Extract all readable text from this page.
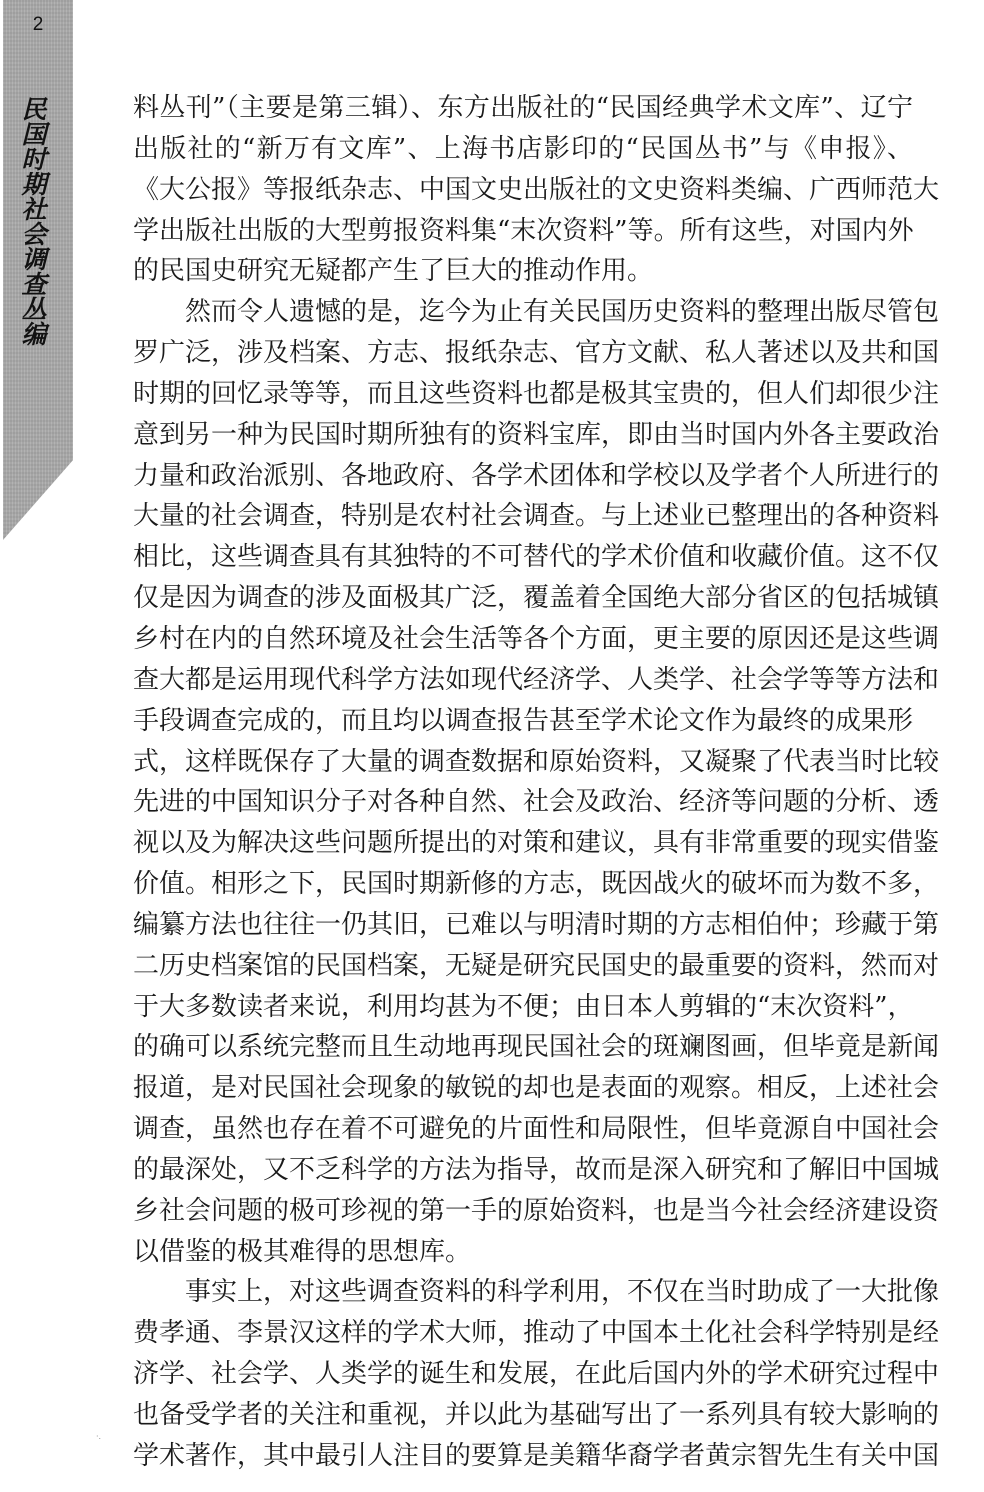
2
民国时期社会调查丛编	料丛刊”（主要是第三辑）、东方出版社的“民国经典学术文库”、辽宁
出版社的“新万有文库”、上海书店影印的“民国丛书”与《申报》、
《大公报》等报纸杂志、中国文史出版社的文史资料类编、广西师范大
学出版社出版的大型剪报资料集“末次资料”等。所有这些，对国内外
的民国史研究无疑都产生了巨大的推动作用。
然而令人遗憾的是，迄今为止有关民国历史资料的整理出版尽管包
罗广泛，涉及档案、方志、报纸杂志、官方文献、私人著述以及共和国
时期的回忆录等等，而且这些资料也都是极其宝贵的，但人们却很少注
意到另一种为民国时期所独有的资料宝库，即由当时国内外各主要政治
力量和政治派别、各地政府、各学术团体和学校以及学者个人所进行的
大量的社会调查，特别是农村社会调查。与上述业已整理出的各种资料
相比，这些调查具有其独特的不可替代的学术价值和收藏价值。这不仅
仅是因为调查的涉及面极其广泛，覆盖着全国绝大部分省区的包括城镇
乡村在内的自然环境及社会生活等各个方面，更主要的原因还是这些调
查大都是运用现代科学方法如现代经济学、人类学、社会学等等方法和
手段调查完成的，而且均以调查报告甚至学术论文作为最终的成果形
式，这样既保存了大量的调查数据和原始资料，又凝聚了代表当时比较
先进的中国知识分子对各种自然、社会及政治、经济等问题的分析、透
视以及为解决这些问题所提出的对策和建议，具有非常重要的现实借鉴
价值。相形之下，民国时期新修的方志，既因战火的破坏而为数不多，
编纂方法也往往一仍其旧，已难以与明清时期的方志相伯仲；珍藏于第
二历史档案馆的民国档案，无疑是研究民国史的最重要的资料，然而对
于大多数读者来说，利用均甚为不便；由日本人剪辑的“末次资料”，
的确可以系统完整而且生动地再现民国社会的斑斓图画，但毕竟是新闻
报道，是对民国社会现象的敏锐的却也是表面的观察。相反，上述社会
调查，虽然也存在着不可避免的片面性和局限性，但毕竟源自中国社会
的最深处，又不乏科学的方法为指导，故而是深入研究和了解旧中国城
乡社会问题的极可珍视的第一手的原始资料，也是当今社会经济建设资
以借鉴的极其难得的思想库。
事实上，对这些调查资料的科学利用，不仅在当时助成了一大批像
费孝通、李景汉这样的学术大师，推动了中国本土化社会科学特别是经
济学、社会学、人类学的诞生和发展，在此后国内外的学术研究过程中
也备受学者的关注和重视，并以此为基础写出了一系列具有较大影响的
学术著作，其中最引人注目的要算是美籍华裔学者黄宗智先生有关中国
·.
